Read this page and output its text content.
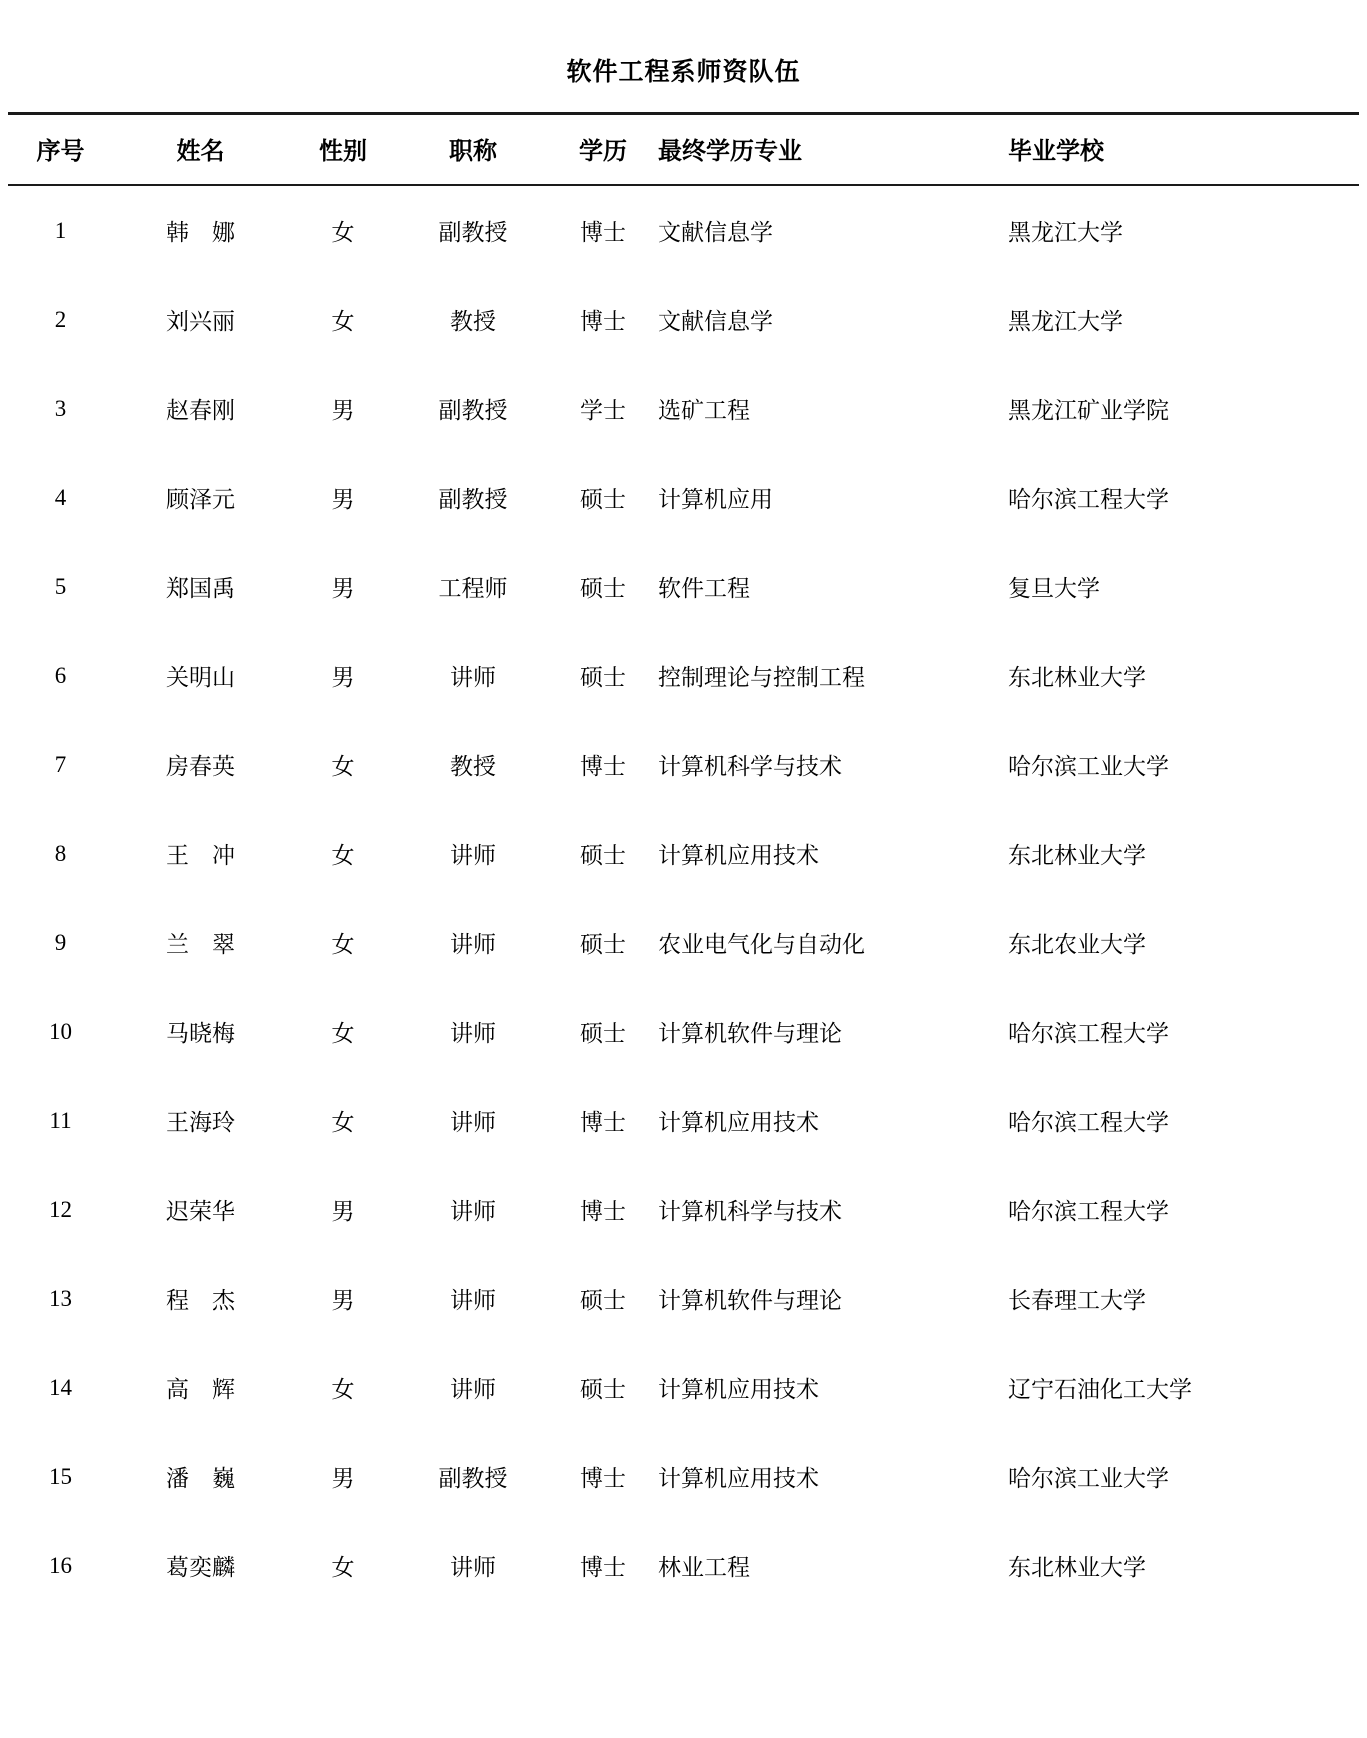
软件工程系师资队伍
序号	姓名	性别	职称	学历	最终学历专业	毕业学校
1	韩　娜	女	副教授	博士	文献信息学	黑龙江大学
2	刘兴丽	女	教授	博士	文献信息学	黑龙江大学
3	赵春刚	男	副教授	学士	选矿工程	黑龙江矿业学院
4	顾泽元	男	副教授	硕士	计算机应用	哈尔滨工程大学
5	郑国禹	男	工程师	硕士	软件工程	复旦大学
6	关明山	男	讲师	硕士	控制理论与控制工程	东北林业大学
7	房春英	女	教授	博士	计算机科学与技术	哈尔滨工业大学
8	王　冲	女	讲师	硕士	计算机应用技术	东北林业大学
9	兰　翠	女	讲师	硕士	农业电气化与自动化	东北农业大学
10	马晓梅	女	讲师	硕士	计算机软件与理论	哈尔滨工程大学
11	王海玲	女	讲师	博士	计算机应用技术	哈尔滨工程大学
12	迟荣华	男	讲师	博士	计算机科学与技术	哈尔滨工程大学
13	程　杰	男	讲师	硕士	计算机软件与理论	长春理工大学
14	高　辉	女	讲师	硕士	计算机应用技术	辽宁石油化工大学
15	潘　巍	男	副教授	博士	计算机应用技术	哈尔滨工业大学
16	葛奕麟	女	讲师	博士	林业工程	东北林业大学
